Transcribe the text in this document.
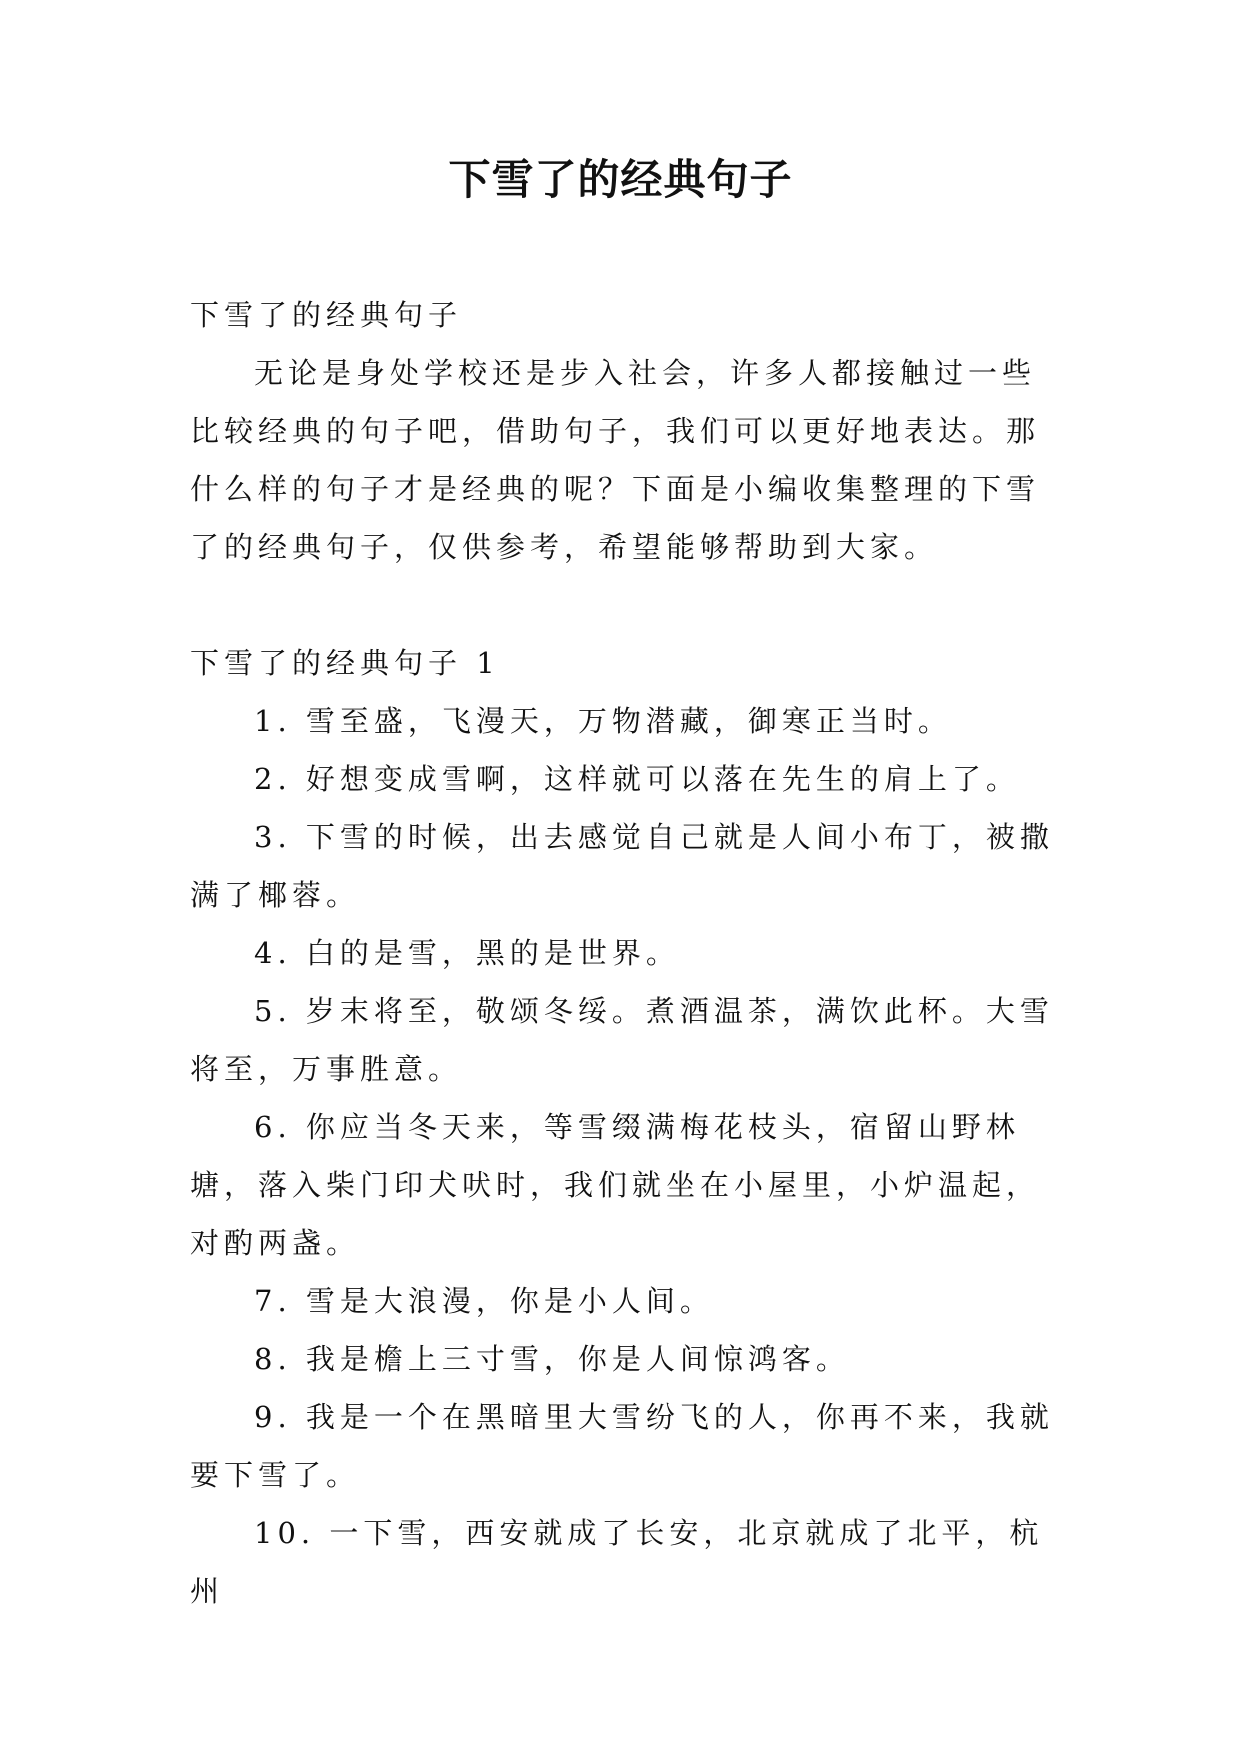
下雪了的经典句子

下雪了的经典句子

无论是身处学校还是步入社会，许多人都接触过一些比较经典的句子吧，借助句子，我们可以更好地表达。那什么样的句子才是经典的呢？下面是小编收集整理的下雪了的经典句子，仅供参考，希望能够帮助到大家。

下雪了的经典句子 1

1. 雪至盛，飞漫天，万物潜藏，御寒正当时。

2. 好想变成雪啊，这样就可以落在先生的肩上了。

3. 下雪的时候，出去感觉自己就是人间小布丁，被撒满了椰蓉。

4. 白的是雪，黑的是世界。

5. 岁末将至，敬颂冬绥。煮酒温茶，满饮此杯。大雪将至，万事胜意。

6. 你应当冬天来，等雪缀满梅花枝头，宿留山野林塘，落入柴门印犬吠时，我们就坐在小屋里，小炉温起，对酌两盏。

7. 雪是大浪漫，你是小人间。

8. 我是檐上三寸雪，你是人间惊鸿客。

9. 我是一个在黑暗里大雪纷飞的人，你再不来，我就要下雪了。

10. 一下雪，西安就成了长安，北京就成了北平，杭州
